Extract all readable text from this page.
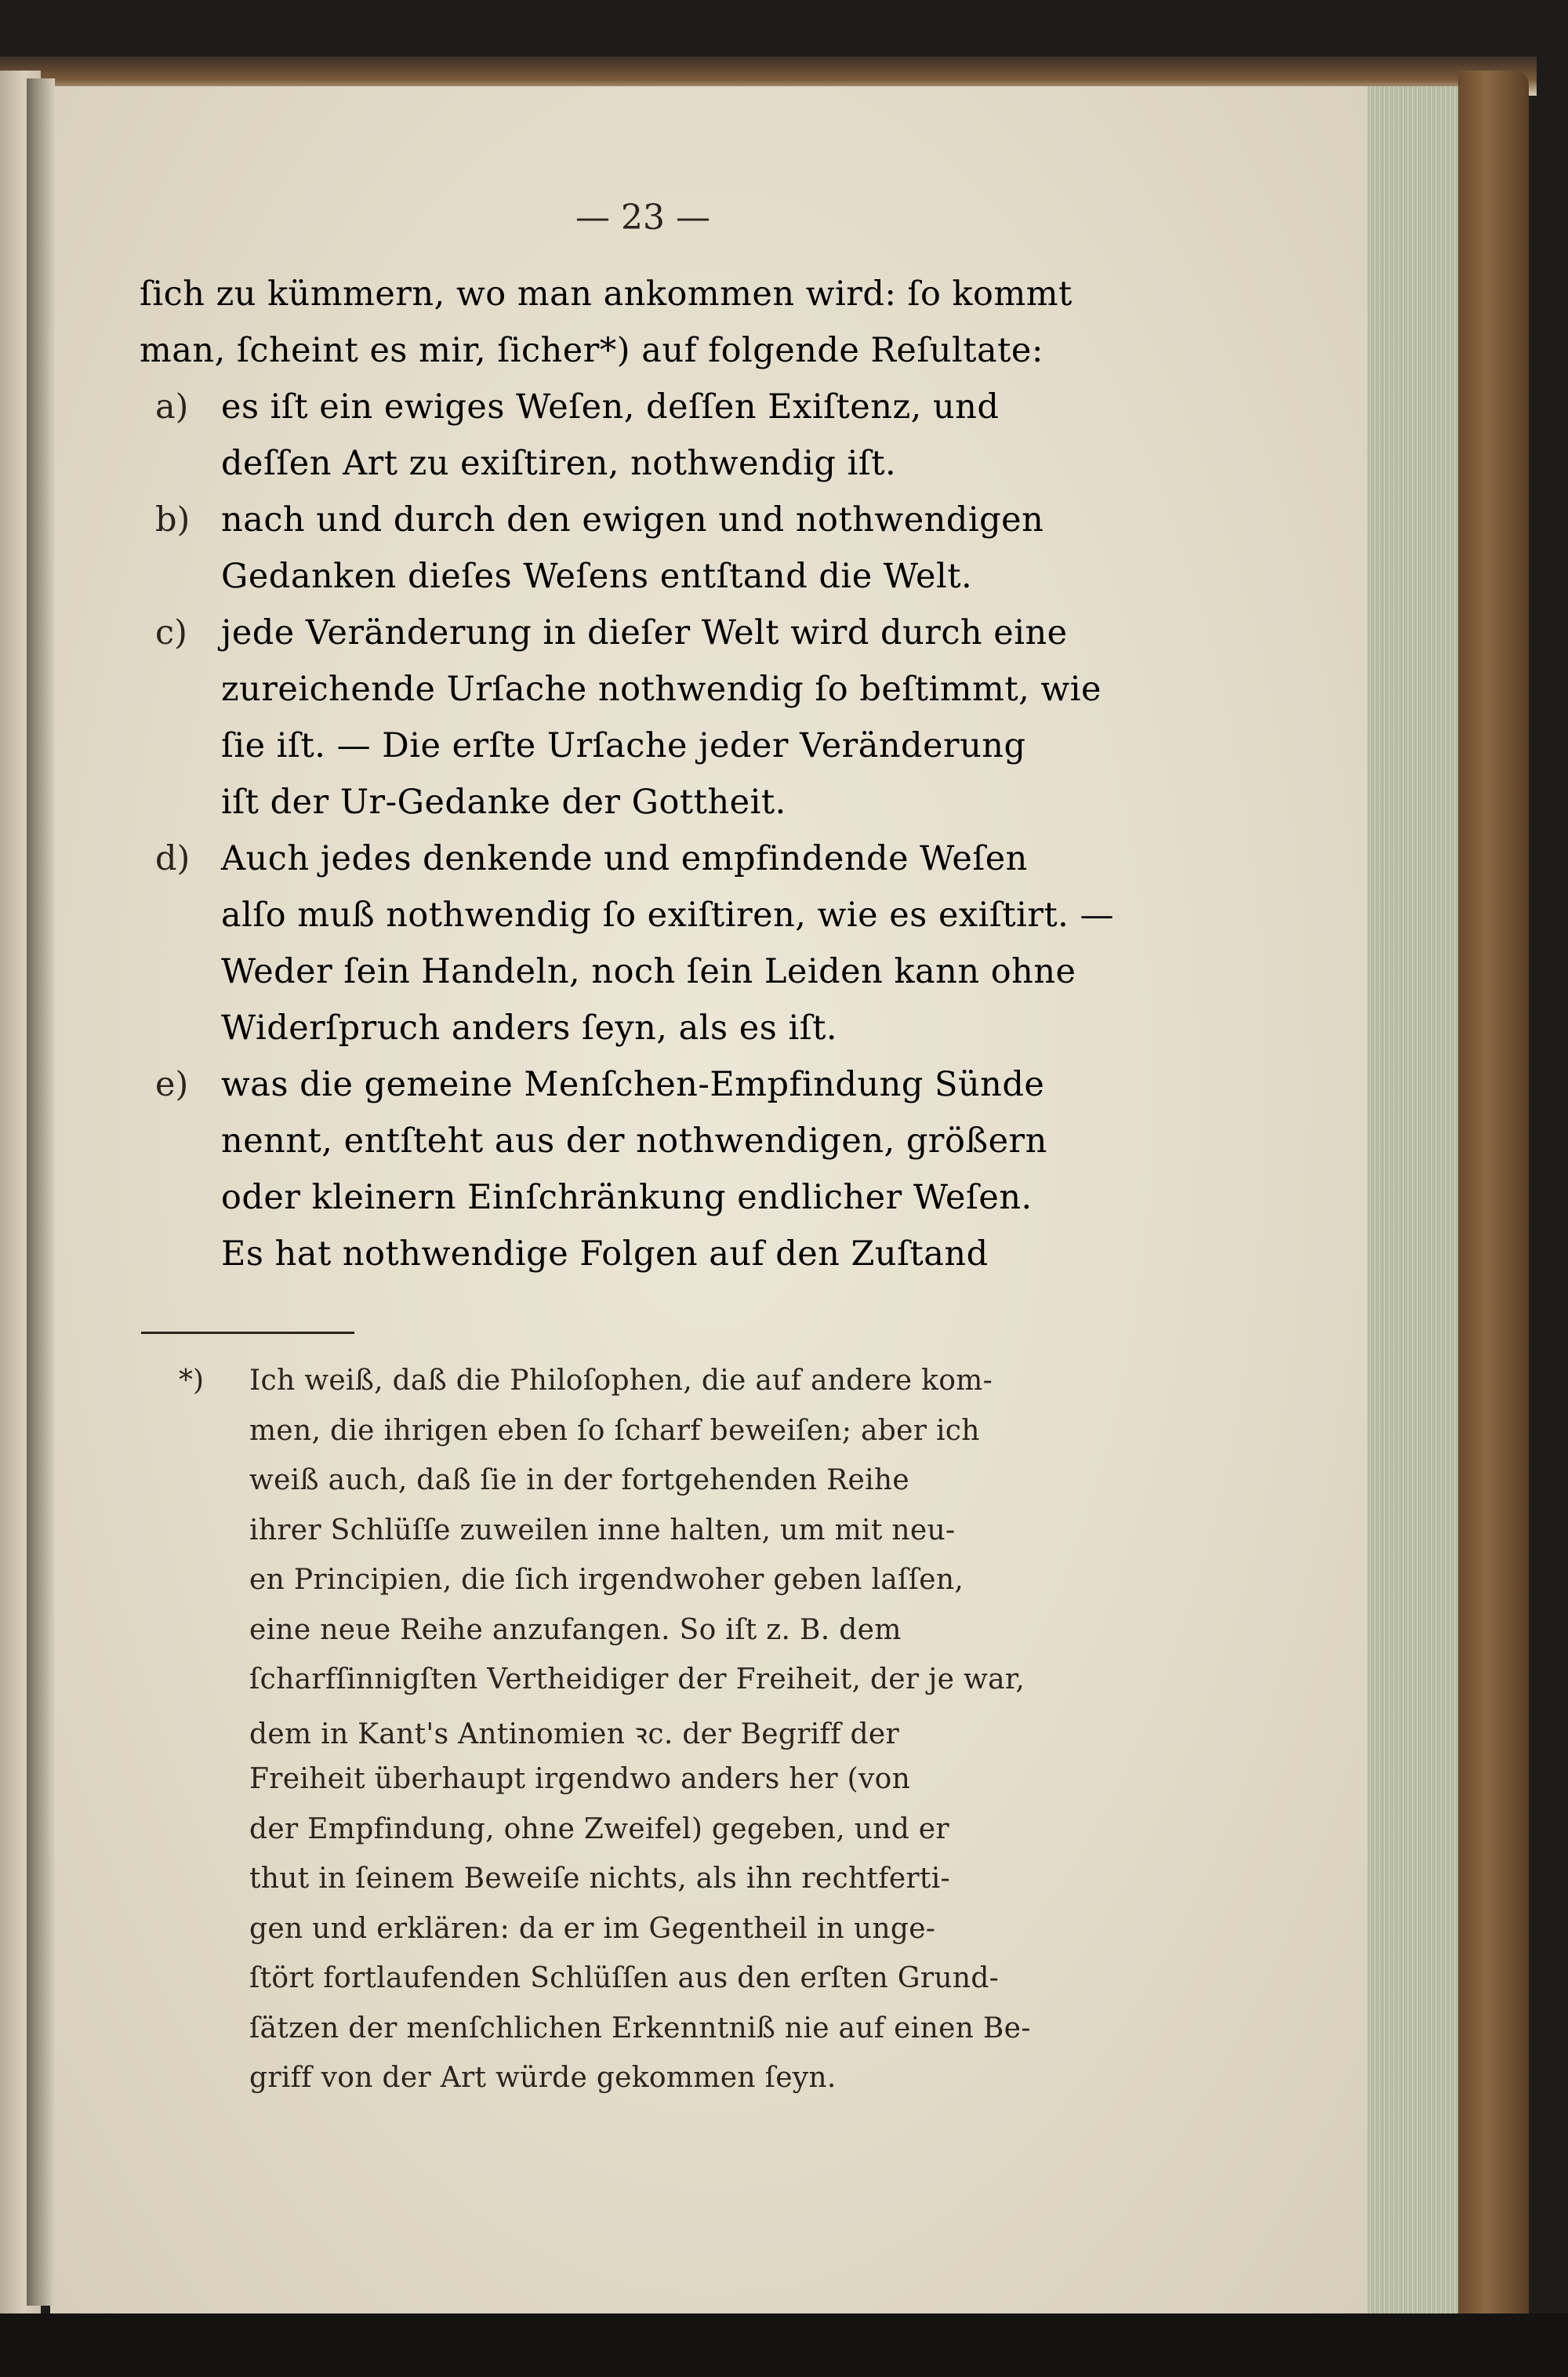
— 23 —
ſich zu kümmern, wo man ankommen wird: ſo kommt
man, ſcheint es mir, ſicher*) auf folgende Reſultate:
a) es iſt ein ewiges Weſen, deſſen Exiſtenz, und
deſſen Art zu exiſtiren, nothwendig iſt.
b) nach und durch den ewigen und nothwendigen
Gedanken dieſes Weſens entſtand die Welt.
c) jede Veränderung in dieſer Welt wird durch eine
zureichende Urſache nothwendig ſo beſtimmt, wie
ſie iſt. — Die erſte Urſache jeder Veränderung
iſt der Ur-Gedanke der Gottheit.
d) Auch jedes denkende und empfindende Weſen
alſo muß nothwendig ſo exiſtiren, wie es exiſtirt. —
Weder ſein Handeln, noch ſein Leiden kann ohne
Widerſpruch anders ſeyn, als es iſt.
e) was die gemeine Menſchen-Empfindung Sünde
nennt, entſteht aus der nothwendigen, größern
oder kleinern Einſchränkung endlicher Weſen.
Es hat nothwendige Folgen auf den Zuſtand
*) Ich weiß, daß die Philoſophen, die auf andere kom-
men, die ihrigen eben ſo ſcharf beweiſen; aber ich
weiß auch, daß ſie in der fortgehenden Reihe
ihrer Schlüſſe zuweilen inne halten, um mit neu-
en Principien, die ſich irgendwoher geben laſſen,
eine neue Reihe anzufangen. So iſt z. B. dem
ſcharfſinnigſten Vertheidiger der Freiheit, der je war,
dem in Kant's Antinomien ꝛc. der Begriff der
Freiheit überhaupt irgendwo anders her (von
der Empfindung, ohne Zweifel) gegeben, und er
thut in ſeinem Beweiſe nichts, als ihn rechtferti-
gen und erklären: da er im Gegentheil in unge-
ſtört fortlaufenden Schlüſſen aus den erſten Grund-
ſätzen der menſchlichen Erkenntniß nie auf einen Be-
griff von der Art würde gekommen ſeyn.
